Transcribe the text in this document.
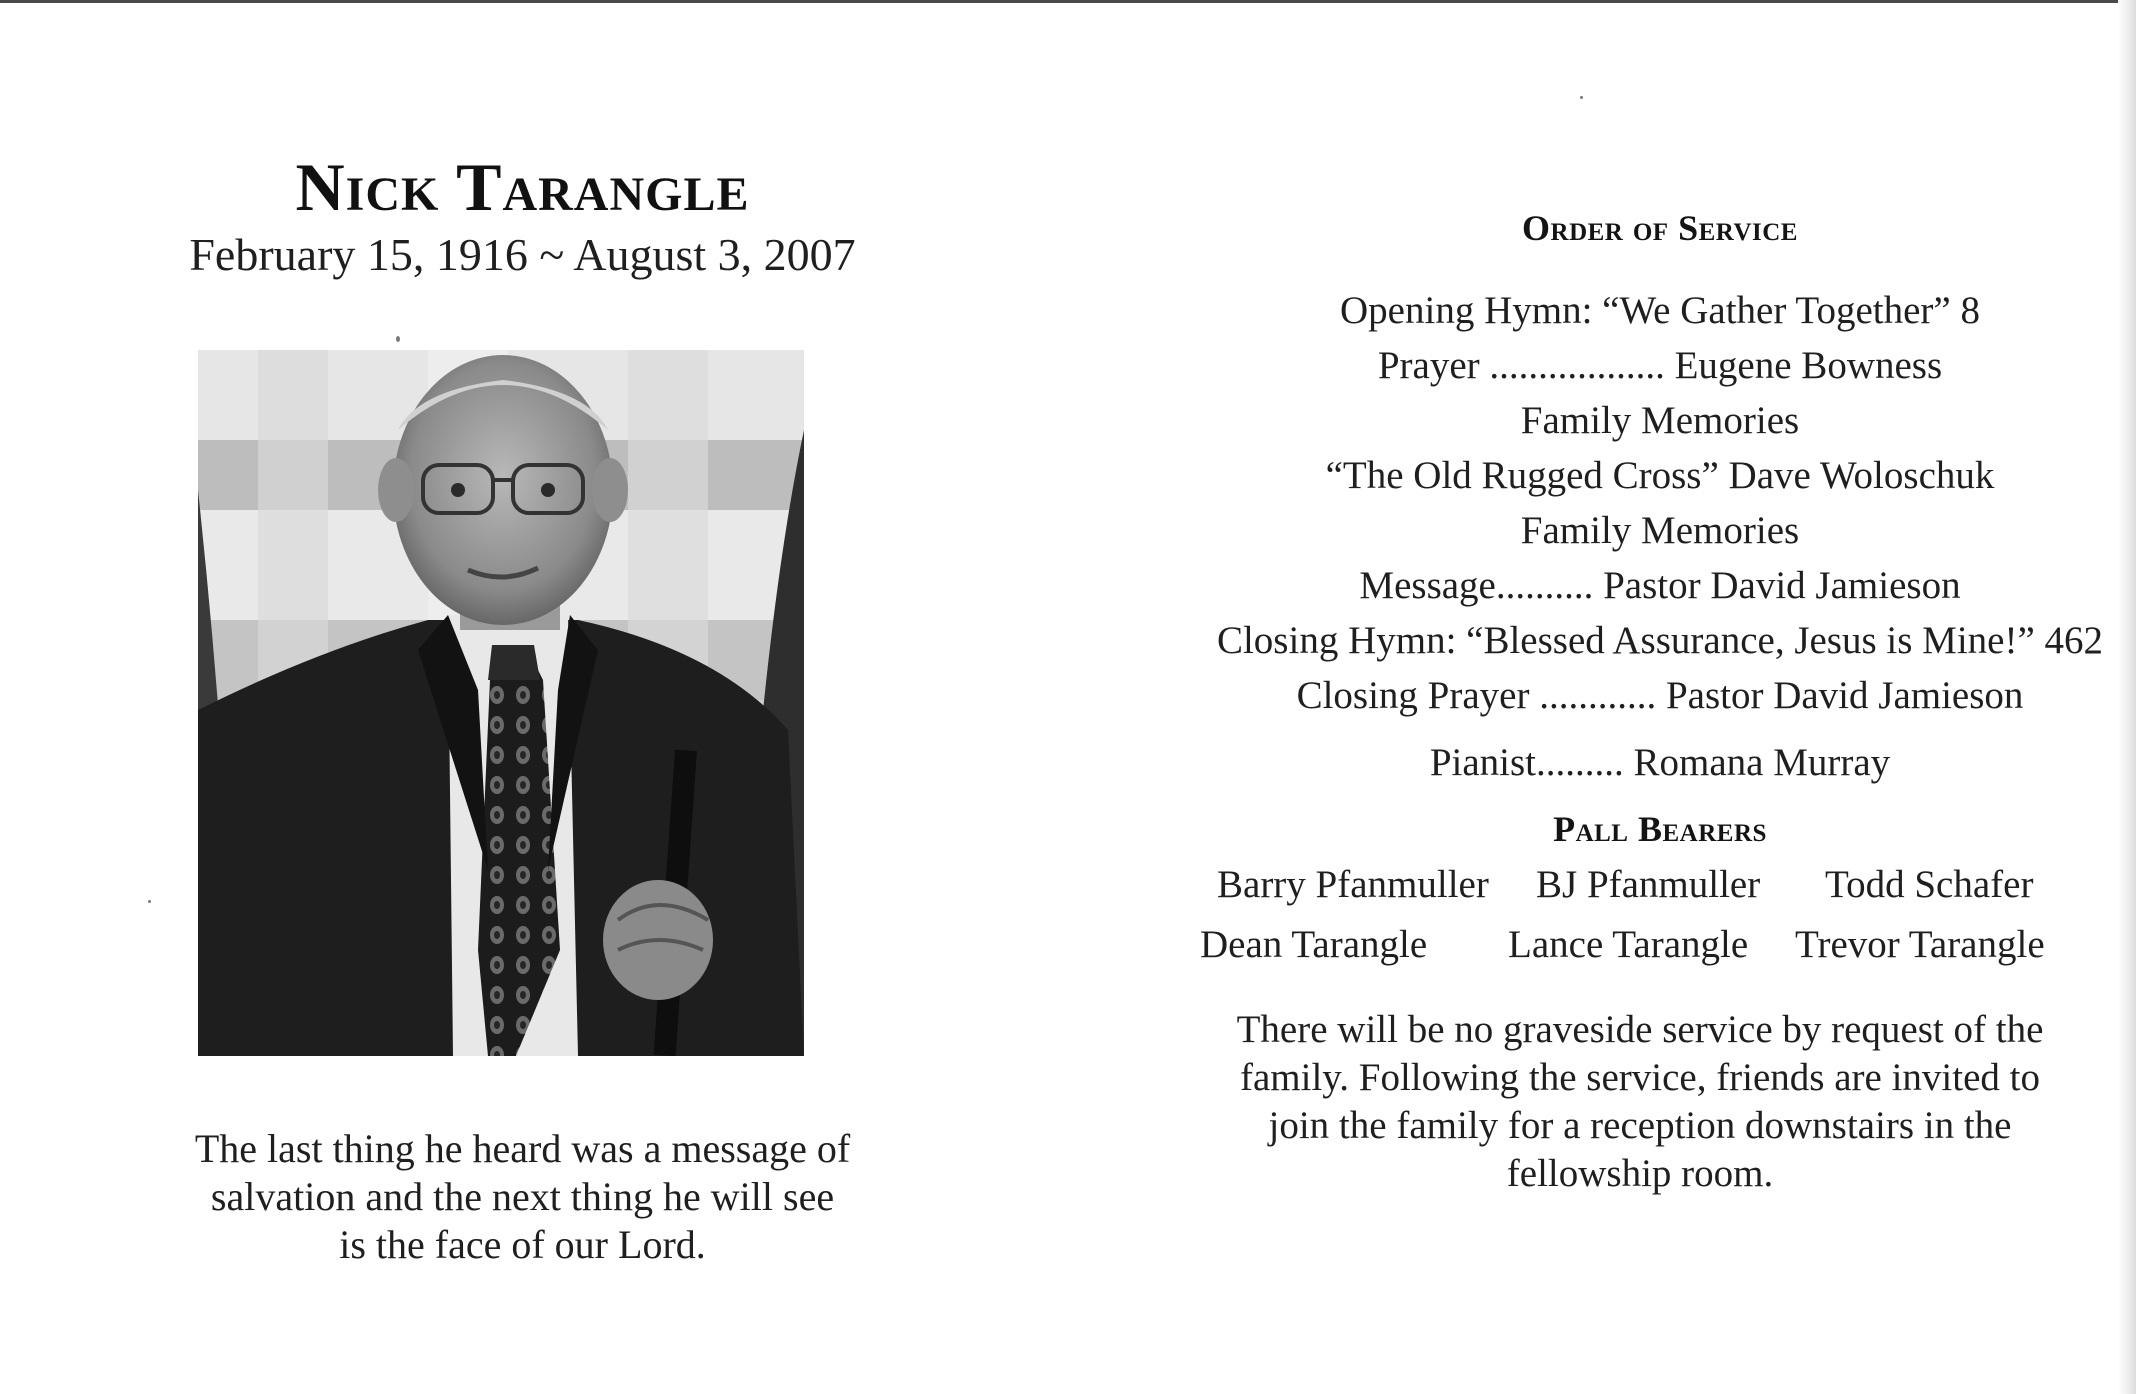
Nick Tarangle
February 15, 1916 ~ August 3, 2007
The last thing he heard was a message of
salvation and the next thing he will see
is the face of our Lord.
Order of Service
Opening Hymn: “We Gather Together” 8
Prayer .................. Eugene Bowness
Family Memories
“The Old Rugged Cross” Dave Woloschuk
Family Memories
Message.......... Pastor David Jamieson
Closing Hymn: “Blessed Assurance, Jesus is Mine!” 462
Closing Prayer ............ Pastor David Jamieson
Pianist......... Romana Murray
Pall Bearers
Barry Pfanmuller BJ Pfanmuller Todd Schafer
Dean Tarangle Lance Tarangle Trevor Tarangle
There will be no graveside service by request of the
family. Following the service, friends are invited to
join the family for a reception downstairs in the
fellowship room.
